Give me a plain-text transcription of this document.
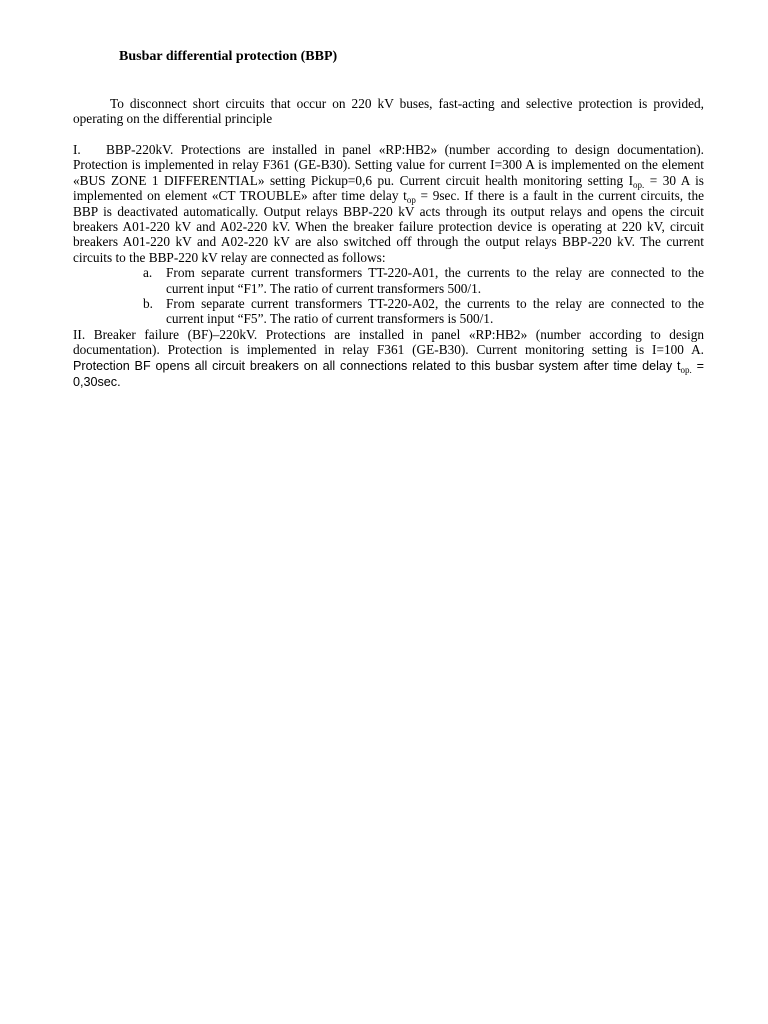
Busbar differential protection (BBP)

To disconnect short circuits that occur on 220 kV buses, fast-acting and selective protection is provided, operating on the differential principle

I. BBP-220kV. Protections are installed in panel «RP:HB2» (number according to design documentation). Protection is implemented in relay F361 (GE-B30). Setting value for current I=300 A is implemented on the element «BUS ZONE 1 DIFFERENTIAL» setting Pickup=0,6 pu. Current circuit health monitoring setting $I_{op.} = 30$ A is implemented on element «CT TROUBLE» after time delay $t_{op} = 9\sec$. If there is a fault in the current circuits, the BBP is deactivated automatically. Output relays BBP-220 kV acts through its output relays and opens the circuit breakers A01-220 kV and A02-220 kV. When the breaker failure protection device is operating at 220 kV, circuit breakers A01-220 kV and A02-220 kV are also switched off through the output relays BBP-220 kV. The current circuits to the BBP-220 kV relay are connected as follows:

a. From separate current transformers TT-220-A01, the currents to the relay are connected to the current input “F1”. The ratio of current transformers 500/1.
b. From separate current transformers TT-220-A02, the currents to the relay are connected to the current input “F5”. The ratio of current transformers is 500/1.

II. Breaker failure (BF)–220kV. Protections are installed in panel «RP:HB2» (number according to design documentation). Protection is implemented in relay F361 (GE-B30). Current monitoring setting is I=100 A. Protection BF opens all circuit breakers on all connections related to this busbar system after time delay $t_{op.} = 0,30\sec$.
